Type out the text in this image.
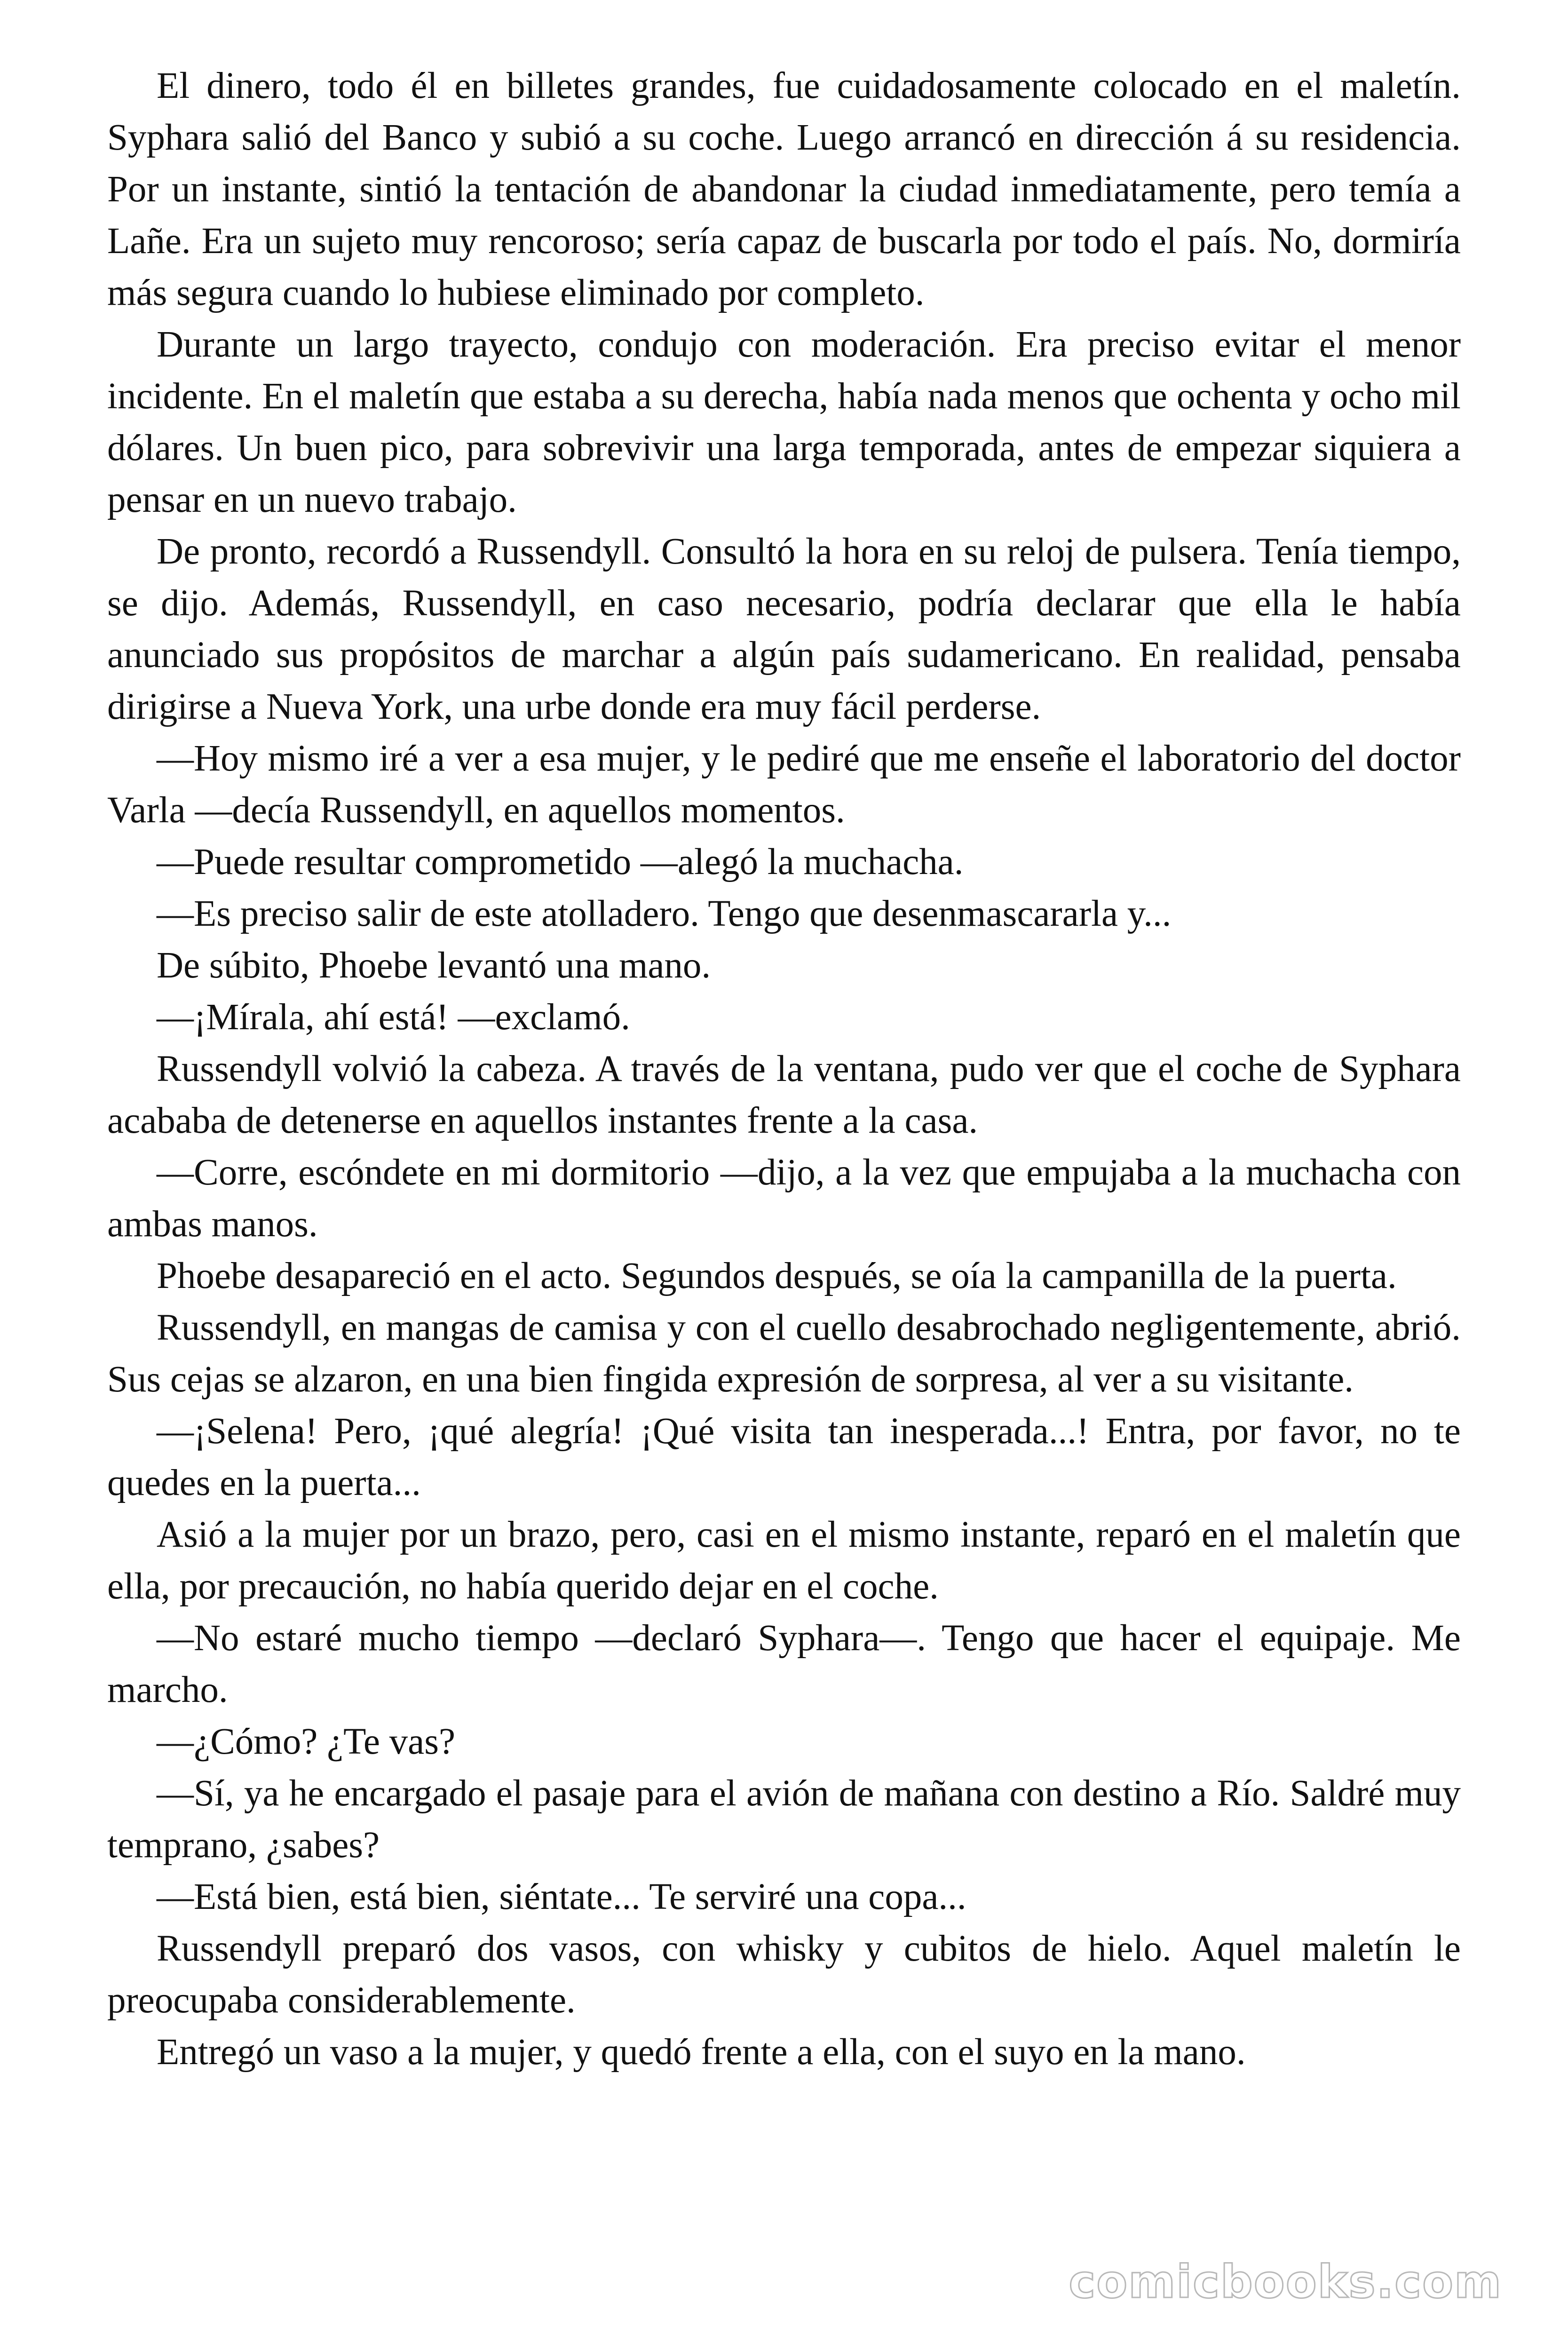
El dinero, todo él en billetes grandes, fue cuidadosamente colocado en el maletín. Syphara salió del Banco y subió a su coche. Luego arrancó en dirección á su residencia. Por un instante, sintió la tentación de abandonar la ciudad inmediatamente, pero temía a Lañe. Era un sujeto muy rencoroso; sería capaz de buscarla por todo el país. No, dormiría más segura cuando lo hubiese eliminado por completo.

Durante un largo trayecto, condujo con moderación. Era preciso evitar el menor incidente. En el maletín que estaba a su derecha, había nada menos que ochenta y ocho mil dólares. Un buen pico, para sobrevivir una larga temporada, antes de empezar siquiera a pensar en un nuevo trabajo.

De pronto, recordó a Russendyll. Consultó la hora en su reloj de pulsera. Tenía tiempo, se dijo. Además, Russendyll, en caso necesario, podría declarar que ella le había anunciado sus propósitos de marchar a algún país sudamericano. En realidad, pensaba dirigirse a Nueva York, una urbe donde era muy fácil perderse.

—Hoy mismo iré a ver a esa mujer, y le pediré que me enseñe el laboratorio del doctor Varla —decía Russendyll, en aquellos momentos.

—Puede resultar comprometido —alegó la muchacha.

—Es preciso salir de este atolladero. Tengo que desenmascararla y...

De súbito, Phoebe levantó una mano.

—¡Mírala, ahí está! —exclamó.

Russendyll volvió la cabeza. A través de la ventana, pudo ver que el coche de Syphara acababa de detenerse en aquellos instantes frente a la casa.

—Corre, escóndete en mi dormitorio —dijo, a la vez que empujaba a la muchacha con ambas manos.

Phoebe desapareció en el acto. Segundos después, se oía la campanilla de la puerta.

Russendyll, en mangas de camisa y con el cuello desabrochado negligentemente, abrió. Sus cejas se alzaron, en una bien fingida expresión de sorpresa, al ver a su visitante.

—¡Selena! Pero, ¡qué alegría! ¡Qué visita tan inesperada...! Entra, por favor, no te quedes en la puerta...

Asió a la mujer por un brazo, pero, casi en el mismo instante, reparó en el maletín que ella, por precaución, no había querido dejar en el coche.

—No estaré mucho tiempo —declaró Syphara—. Tengo que hacer el equipaje. Me marcho.

—¿Cómo? ¿Te vas?

—Sí, ya he encargado el pasaje para el avión de mañana con destino a Río. Saldré muy temprano, ¿sabes?

—Está bien, está bien, siéntate... Te serviré una copa...

Russendyll preparó dos vasos, con whisky y cubitos de hielo. Aquel maletín le preocupaba considerablemente.

Entregó un vaso a la mujer, y quedó frente a ella, con el suyo en la mano.

comicbooks.com
